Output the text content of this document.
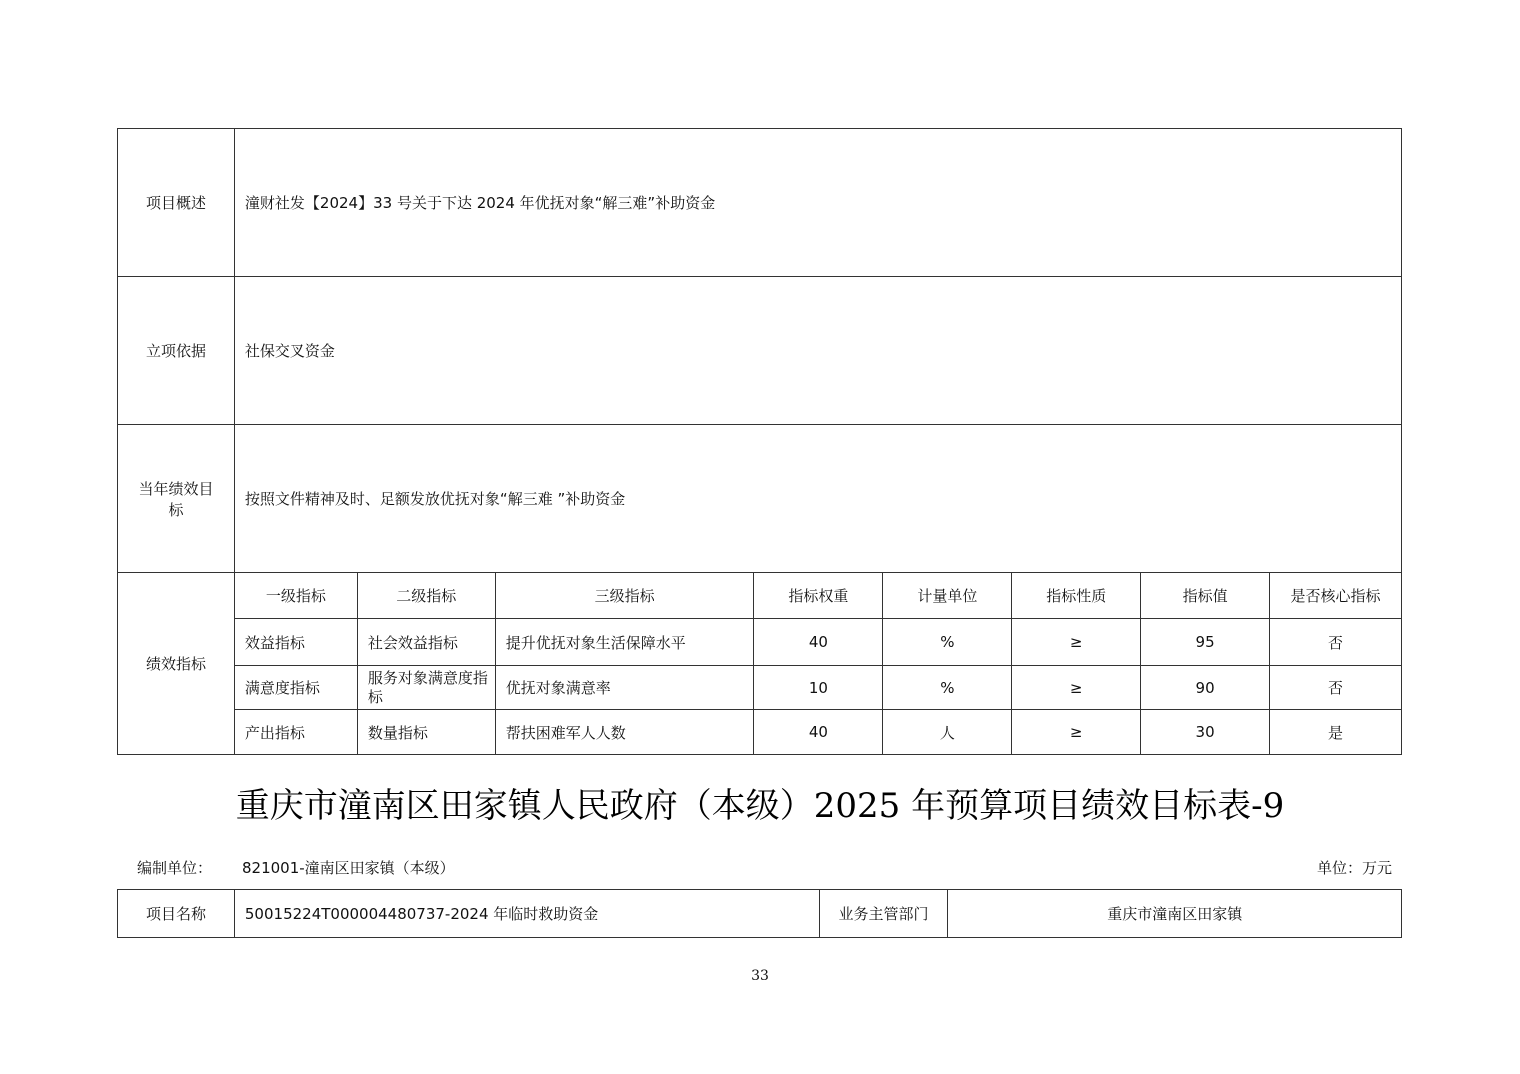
项目概述	潼财社发【2024】33 号关于下达 2024 年优抚对象“解三难”补助资金							
立项依据	社保交叉资金							
当年绩效目标	按照文件精神及时、足额发放优抚对象“解三难 ”补助资金							
绩效指标	一级指标	二级指标	三级指标	指标权重	计量单位	指标性质	指标值	是否核心指标
	效益指标	社会效益指标	提升优抚对象生活保障水平	40	%	≥	95	否
	满意度指标	服务对象满意度指标	优抚对象满意率	10	%	≥	90	否
	产出指标	数量指标	帮扶困难军人人数	40	人	≥	30	是
重庆市潼南区田家镇人民政府（本级）2025 年预算项目绩效目标表-9
编制单位： 821001-潼南区田家镇（本级）	单位：万元
项目名称	50015224T000004480737-2024 年临时救助资金	业务主管部门	重庆市潼南区田家镇
33
